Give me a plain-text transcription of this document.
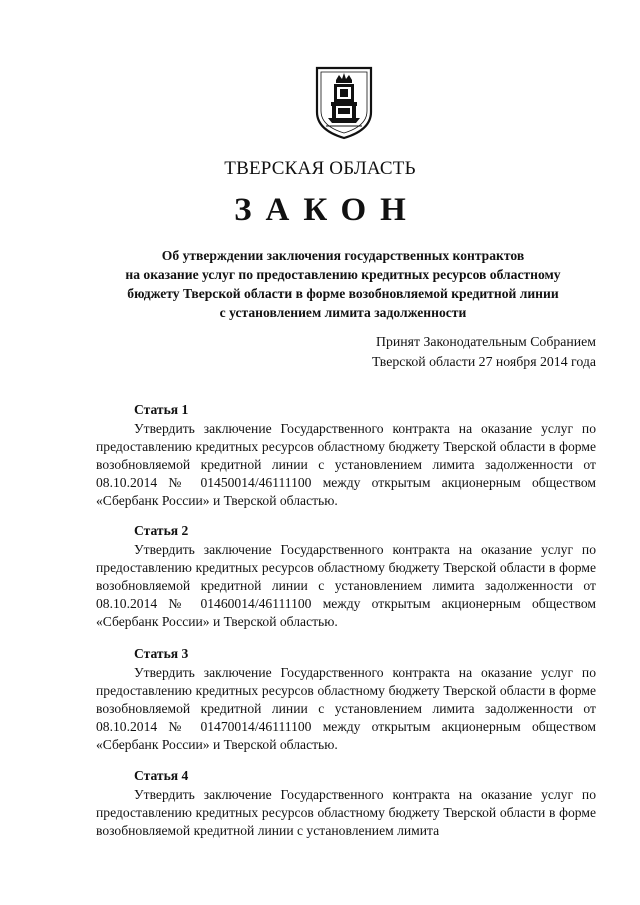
ТВЕРСКАЯ ОБЛАСТЬ
ЗАКОН
Об утверждении заключения государственных контрактов
на оказание услуг по предоставлению кредитных ресурсов областному
бюджету Тверской области в форме возобновляемой кредитной линии
с установлением лимита задолженности
Принят Законодательным Собранием
Тверской области 27 ноября 2014 года
Статья 1
Утвердить заключение Государственного контракта на оказание услуг по предоставлению кредитных ресурсов областному бюджету Тверской области в форме возобновляемой кредитной линии с установлением лимита задолженности от 08.10.2014 № 01450014/46111100 между открытым акционерным обществом «Сбербанк России» и Тверской областью.
Статья 2
Утвердить заключение Государственного контракта на оказание услуг по предоставлению кредитных ресурсов областному бюджету Тверской области в форме возобновляемой кредитной линии с установлением лимита задолженности от 08.10.2014 № 01460014/46111100 между открытым акционерным обществом «Сбербанк России» и Тверской областью.
Статья 3
Утвердить заключение Государственного контракта на оказание услуг по предоставлению кредитных ресурсов областному бюджету Тверской области в форме возобновляемой кредитной линии с установлением лимита задолженности от 08.10.2014 № 01470014/46111100 между открытым акционерным обществом «Сбербанк России» и Тверской областью.
Статья 4
Утвердить заключение Государственного контракта на оказание услуг по предоставлению кредитных ресурсов областному бюджету Тверской области в форме возобновляемой кредитной линии с установлением лимита
